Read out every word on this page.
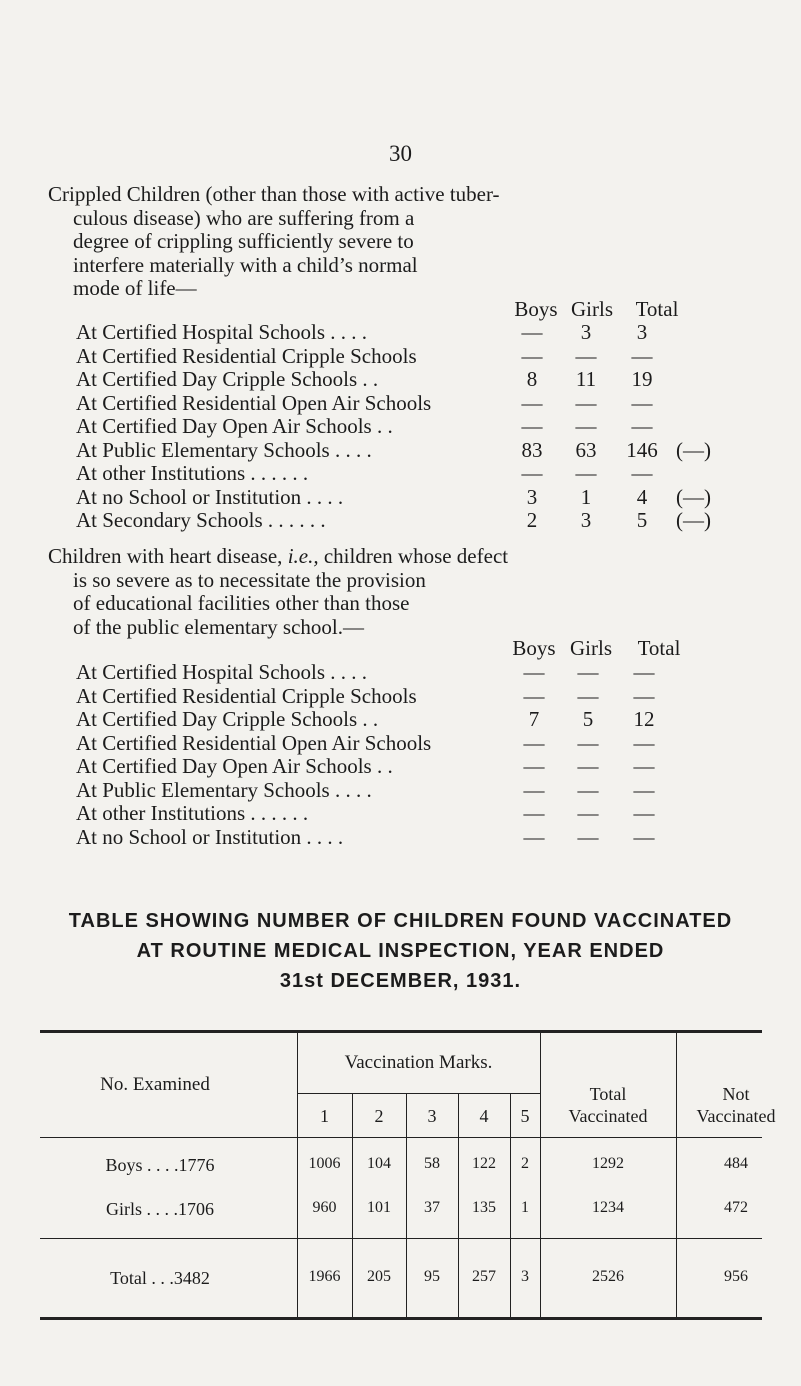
30
Crippled Children (other than those with active tuber-
culous disease) who are suffering from a
degree of crippling sufficiently severe to
interfere materially with a child’s normal
mode of life—
Boys Girls	Total
At Certified Hospital Schools . . . .	—	3	3
At Certified Residential Cripple Schools	—	—	—
At Certified Day Cripple Schools . .	8	11	19
At Certified Residential Open Air Schools	—	—	—
At Certified Day Open Air Schools . .	—	—	—
At Public Elementary Schools . . . .	83	63	146 (—)
At other Institutions . . . . . .	—	—	—
At no School or Institution . . . .	3	1	4	(—)
At Secondary Schools . . . . . .	2	3	5	(—)
Children with heart disease, i.e., children whose defect
is so severe as to necessitate the provision
of educational facilities other than those
of the public elementary school.—
Boys Girls	Total
At Certified Hospital Schools . . . .	—	—	—
At Certified Residential Cripple Schools	—	—	—
At Certified Day Cripple Schools . .	7	5	12
At Certified Residential Open Air Schools	—	—	—
At Certified Day Open Air Schools . .	—	—	—
At Public Elementary Schools . . . .	—	—	—
At other Institutions . . . . . .	—	—	—
At no School or Institution . . . .	—	—	—
TABLE SHOWING NUMBER OF CHILDREN FOUND VACCINATED
AT ROUTINE MEDICAL INSPECTION, YEAR ENDED
31st DECEMBER, 1931.
No. Examined
Vaccination Marks.
Total
Vaccinated
Not
Vaccinated
1	2	3	4	5
Boys . . . .1776	1006	104	58	122	2	1292	484
Girls . . . .1706	960	101	37	135	1	1234	472
Total . . .3482	1966	205	95	257	3	2526	956
